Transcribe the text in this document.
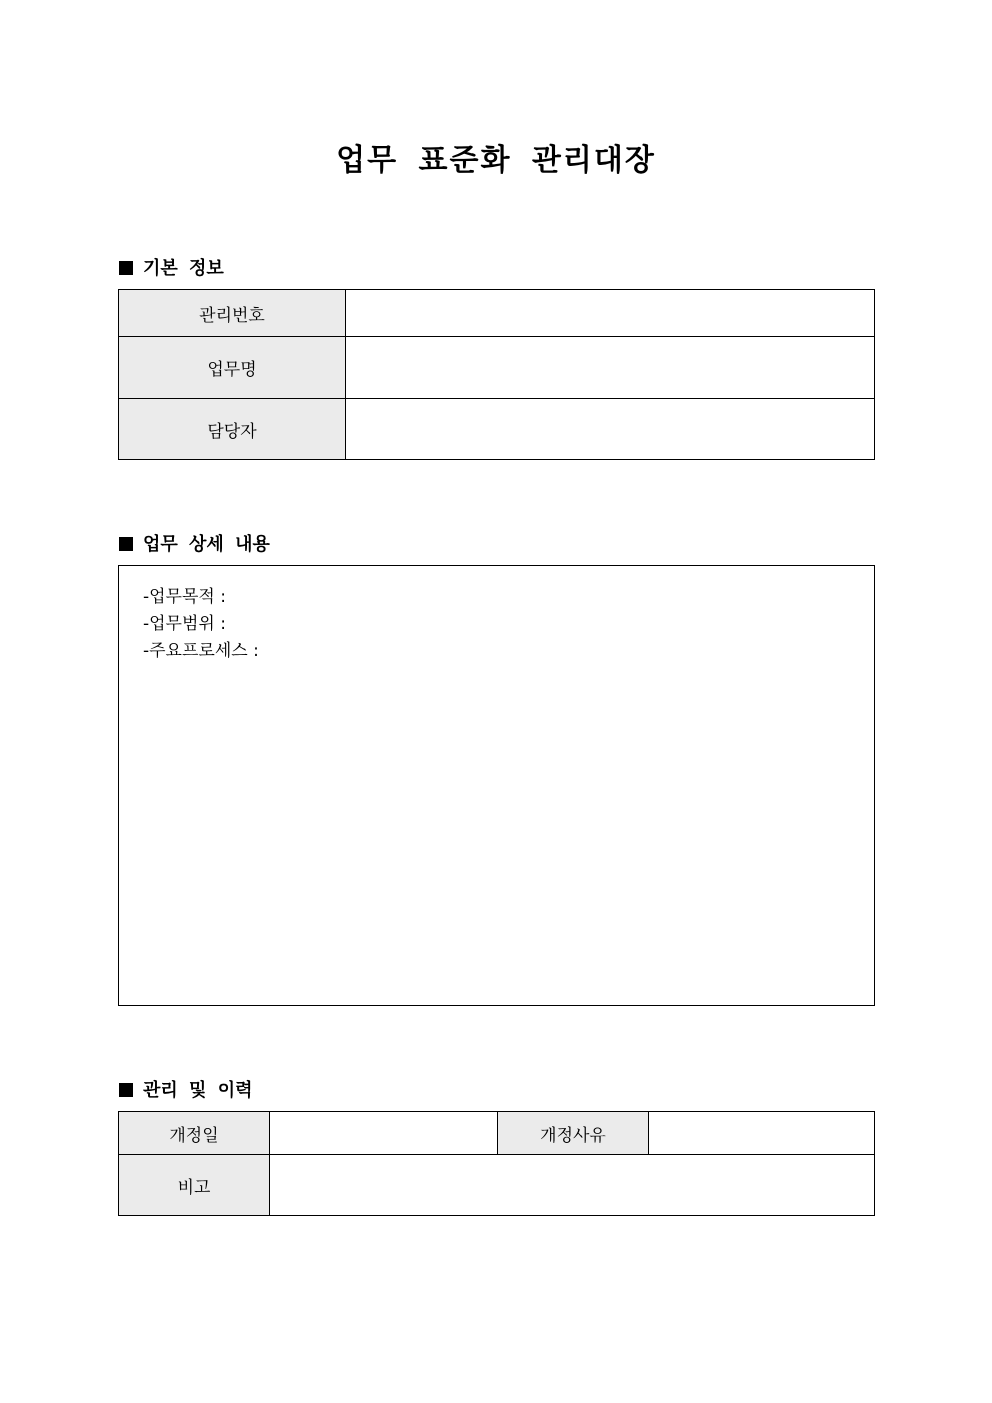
업무 표준화 관리대장
기본 정보
관리번호	
업무명	
담당자	
업무 상세 내용
-업무목적 :
-업무범위 :
-주요프로세스 :
관리 및 이력
개정일		개정사유	
비고			
